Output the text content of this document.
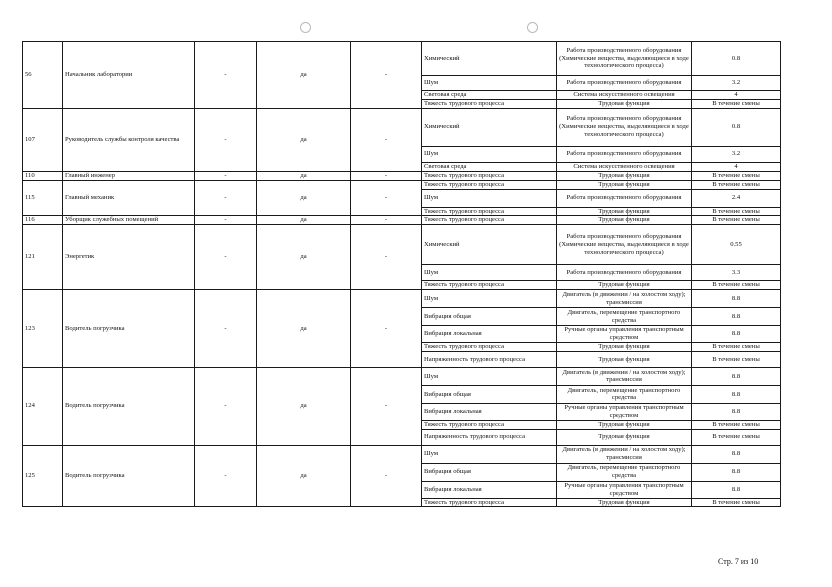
56	Начальник лаборатории	-	да	-	Химический	Работа производственного оборудования (Химические вещества, выделяющиеся в ходе технологического процесса)	0.8
					Шум	Работа производственного оборудования	3.2
					Световая среда	Система искусственного освещения	4
					Тяжесть трудового процесса	Трудовая функция	В течение смены
107	Руководитель службы контроля качества	-	да	-	Химический	Работа производственного оборудования (Химические вещества, выделяющиеся в ходе технологического процесса)	0.8
					Шум	Работа производственного оборудования	3.2
					Световая среда	Система искусственного освещения	4
110	Главный инженер	-	да	-	Тяжесть трудового процесса	Трудовая функция	В течение смены
115	Главный механик	-	да	-	Тяжесть трудового процесса	Трудовая функция	В течение смены
					Шум	Работа производственного оборудования	2.4
					Тяжесть трудового процесса	Трудовая функция	В течение смены
116	Уборщик служебных помещений	-	да	-	Тяжесть трудового процесса	Трудовая функция	В течение смены
121	Энергетик	-	да	-	Химический	Работа производственного оборудования (Химические вещества, выделяющиеся в ходе технологического процесса)	0.55
					Шум	Работа производственного оборудования	3.3
					Тяжесть трудового процесса	Трудовая функция	В течение смены
123	Водитель погрузчика	-	да	-	Шум	Двигатель (в движении / на холостом ходу); трансмиссия	8.8
					Вибрация общая	Двигатель, перемещение транспортного средства	8.8
					Вибрация локальная	Ручные органы управления транспортным средством	8.8
					Тяжесть трудового процесса	Трудовая функция	В течение смены
					Напряженность трудового процесса	Трудовая функция	В течение смены
124	Водитель погрузчика	-	да	-	Шум	Двигатель (в движении / на холостом ходу); трансмиссия	8.8
					Вибрация общая	Двигатель, перемещение транспортного средства	8.8
					Вибрация локальная	Ручные органы управления транспортным средством	8.8
					Тяжесть трудового процесса	Трудовая функция	В течение смены
					Напряженность трудового процесса	Трудовая функция	В течение смены
125	Водитель погрузчика	-	да	-	Шум	Двигатель (в движении / на холостом ходу); трансмиссия	8.8
					Вибрация общая	Двигатель, перемещение транспортного средства	8.8
					Вибрация локальная	Ручные органы управления транспортным средством	8.8
					Тяжесть трудового процесса	Трудовая функция	В течение смены
Стр. 7 из 10
